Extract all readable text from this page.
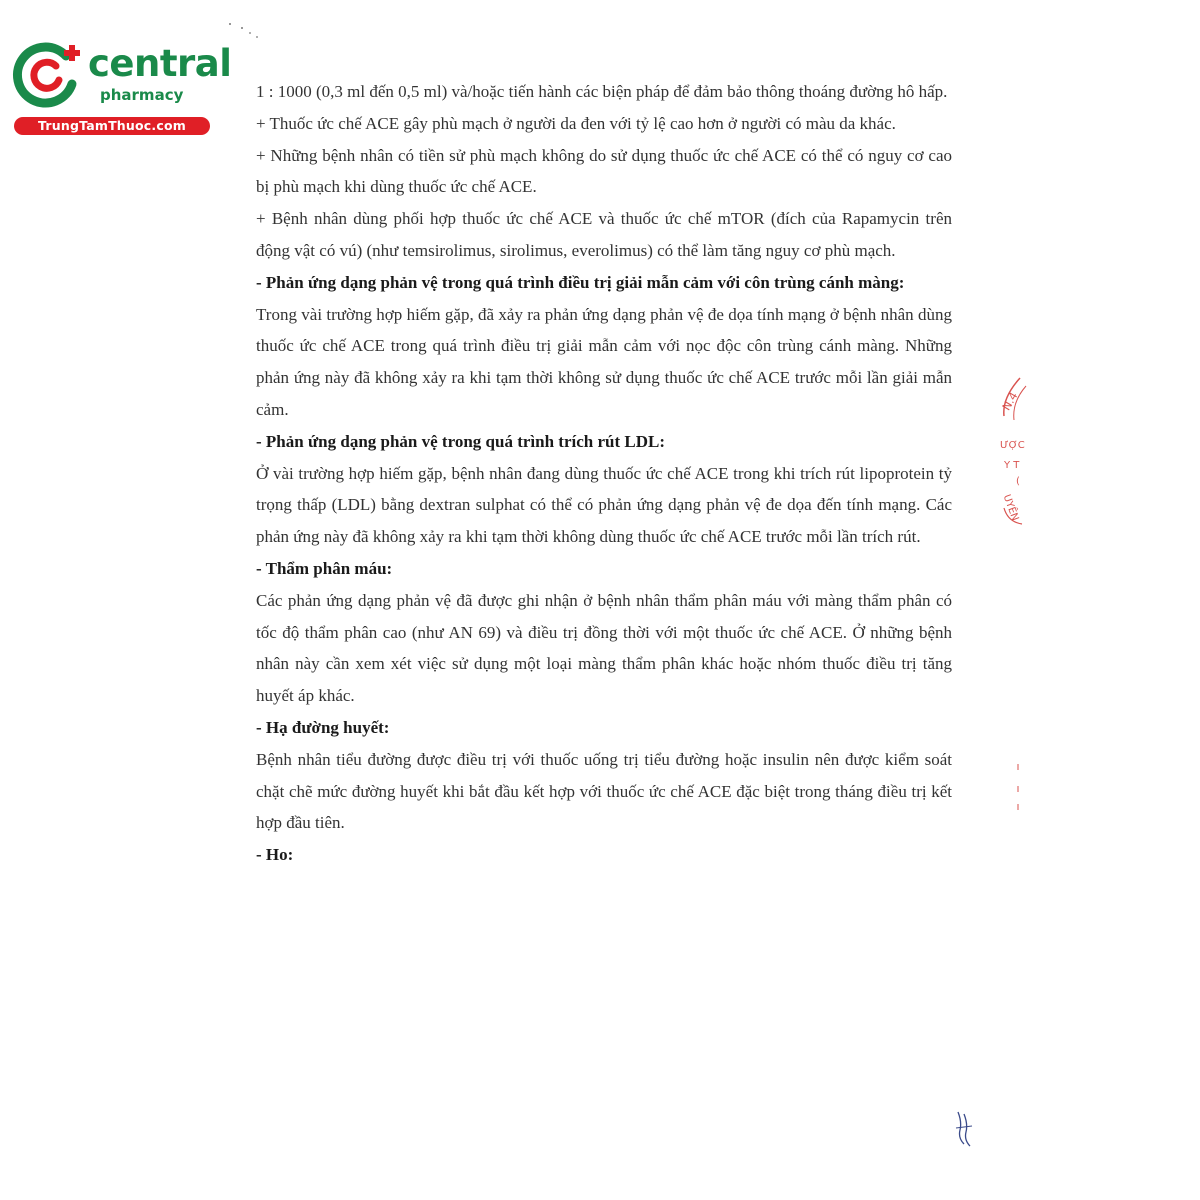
central
pharmacy
TrungTamThuoc.com

1 : 1000 (0,3 ml đến 0,5 ml) và/hoặc tiến hành các biện pháp để đảm bảo thông thoáng đường hô hấp.

+ Thuốc ức chế ACE gây phù mạch ở người da đen với tỷ lệ cao hơn ở người có màu da khác.

+ Những bệnh nhân có tiền sử phù mạch không do sử dụng thuốc ức chế ACE có thể có nguy cơ cao bị phù mạch khi dùng thuốc ức chế ACE.

+ Bệnh nhân dùng phối hợp thuốc ức chế ACE và thuốc ức chế mTOR (đích của Rapamycin trên động vật có vú) (như temsirolimus, sirolimus, everolimus) có thể làm tăng nguy cơ phù mạch.

- Phản ứng dạng phản vệ trong quá trình điều trị giải mẫn cảm với côn trùng cánh màng:

Trong vài trường hợp hiếm gặp, đã xảy ra phản ứng dạng phản vệ đe dọa tính mạng ở bệnh nhân dùng thuốc ức chế ACE trong quá trình điều trị giải mẫn cảm với nọc độc côn trùng cánh màng. Những phản ứng này đã không xảy ra khi tạm thời không sử dụng thuốc ức chế ACE trước mỗi lần giải mẫn cảm.

- Phản ứng dạng phản vệ trong quá trình trích rút LDL:

Ở vài trường hợp hiếm gặp, bệnh nhân đang dùng thuốc ức chế ACE trong khi trích rút lipoprotein tỷ trọng thấp (LDL) bằng dextran sulphat có thể có phản ứng dạng phản vệ đe dọa đến tính mạng. Các phản ứng này đã không xảy ra khi tạm thời không dùng thuốc ức chế ACE trước mỗi lần trích rút.

- Thẩm phân máu:

Các phản ứng dạng phản vệ đã được ghi nhận ở bệnh nhân thẩm phân máu với màng thẩm phân có tốc độ thẩm phân cao (như AN 69) và điều trị đồng thời với một thuốc ức chế ACE. Ở những bệnh nhân này cần xem xét việc sử dụng một loại màng thẩm phân khác hoặc nhóm thuốc điều trị tăng huyết áp khác.

- Hạ đường huyết:

Bệnh nhân tiểu đường được điều trị với thuốc uống trị tiểu đường hoặc insulin nên được kiểm soát chặt chẽ mức đường huyết khi bắt đầu kết hợp với thuốc ức chế ACE đặc biệt trong tháng điều trị kết hợp đầu tiên.

- Ho:

N.4
ƯỢC
Y T
(
UYÊN
